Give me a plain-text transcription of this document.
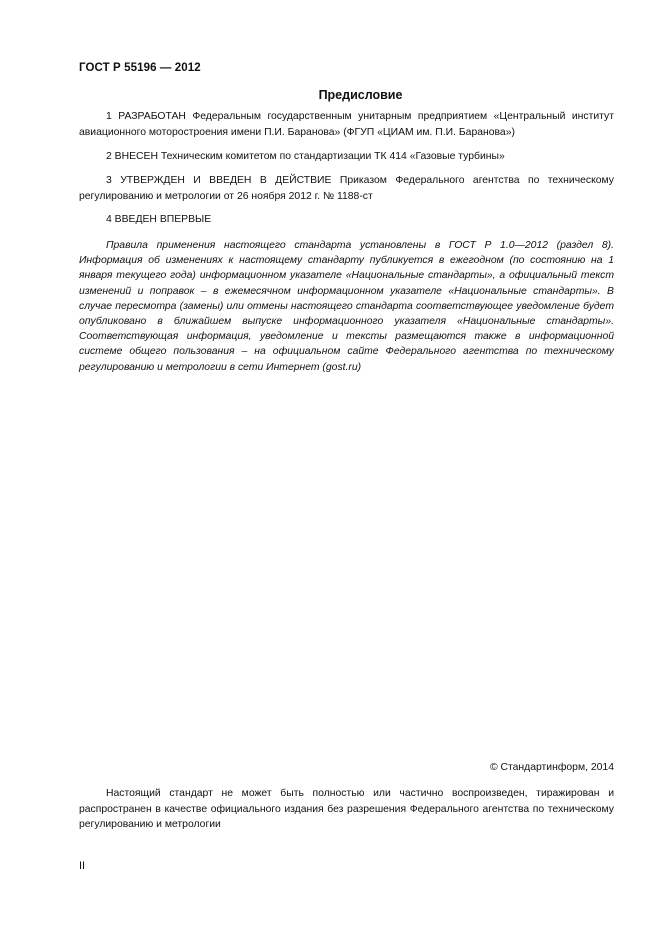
ГОСТ Р 55196 — 2012
Предисловие

1 РАЗРАБОТАН Федеральным государственным унитарным предприятием «Центральный институт авиационного моторостроения имени П.И. Баранова» (ФГУП «ЦИАМ им. П.И. Баранова»)

2 ВНЕСЕН Техническим комитетом по стандартизации ТК 414 «Газовые турбины»

3 УТВЕРЖДЕН И ВВЕДЕН В ДЕЙСТВИЕ Приказом Федерального агентства по техническому регулированию и метрологии от 26 ноября 2012 г. № 1188-ст

4 ВВЕДЕН ВПЕРВЫЕ

Правила применения настоящего стандарта установлены в ГОСТ Р 1.0—2012 (раздел 8). Информация об изменениях к настоящему стандарту публикуется в ежегодном (по состоянию на 1 января текущего года) информационном указателе «Национальные стандарты», а официальный текст изменений и поправок – в ежемесячном информационном указателе «Национальные стандарты». В случае пересмотра (замены) или отмены настоящего стандарта соответствующее уведомление будет опубликовано в ближайшем выпуске информационного указателя «Национальные стандарты». Соответствующая информация, уведомление и тексты размещаются также в информационной системе общего пользования – на официальном сайте Федерального агентства по техническому регулированию и метрологии в сети Интернет (gost.ru)

© Стандартинформ, 2014

Настоящий стандарт не может быть полностью или частично воспроизведен, тиражирован и распространен в качестве официального издания без разрешения Федерального агентства по техническому регулированию и метрологии

II
